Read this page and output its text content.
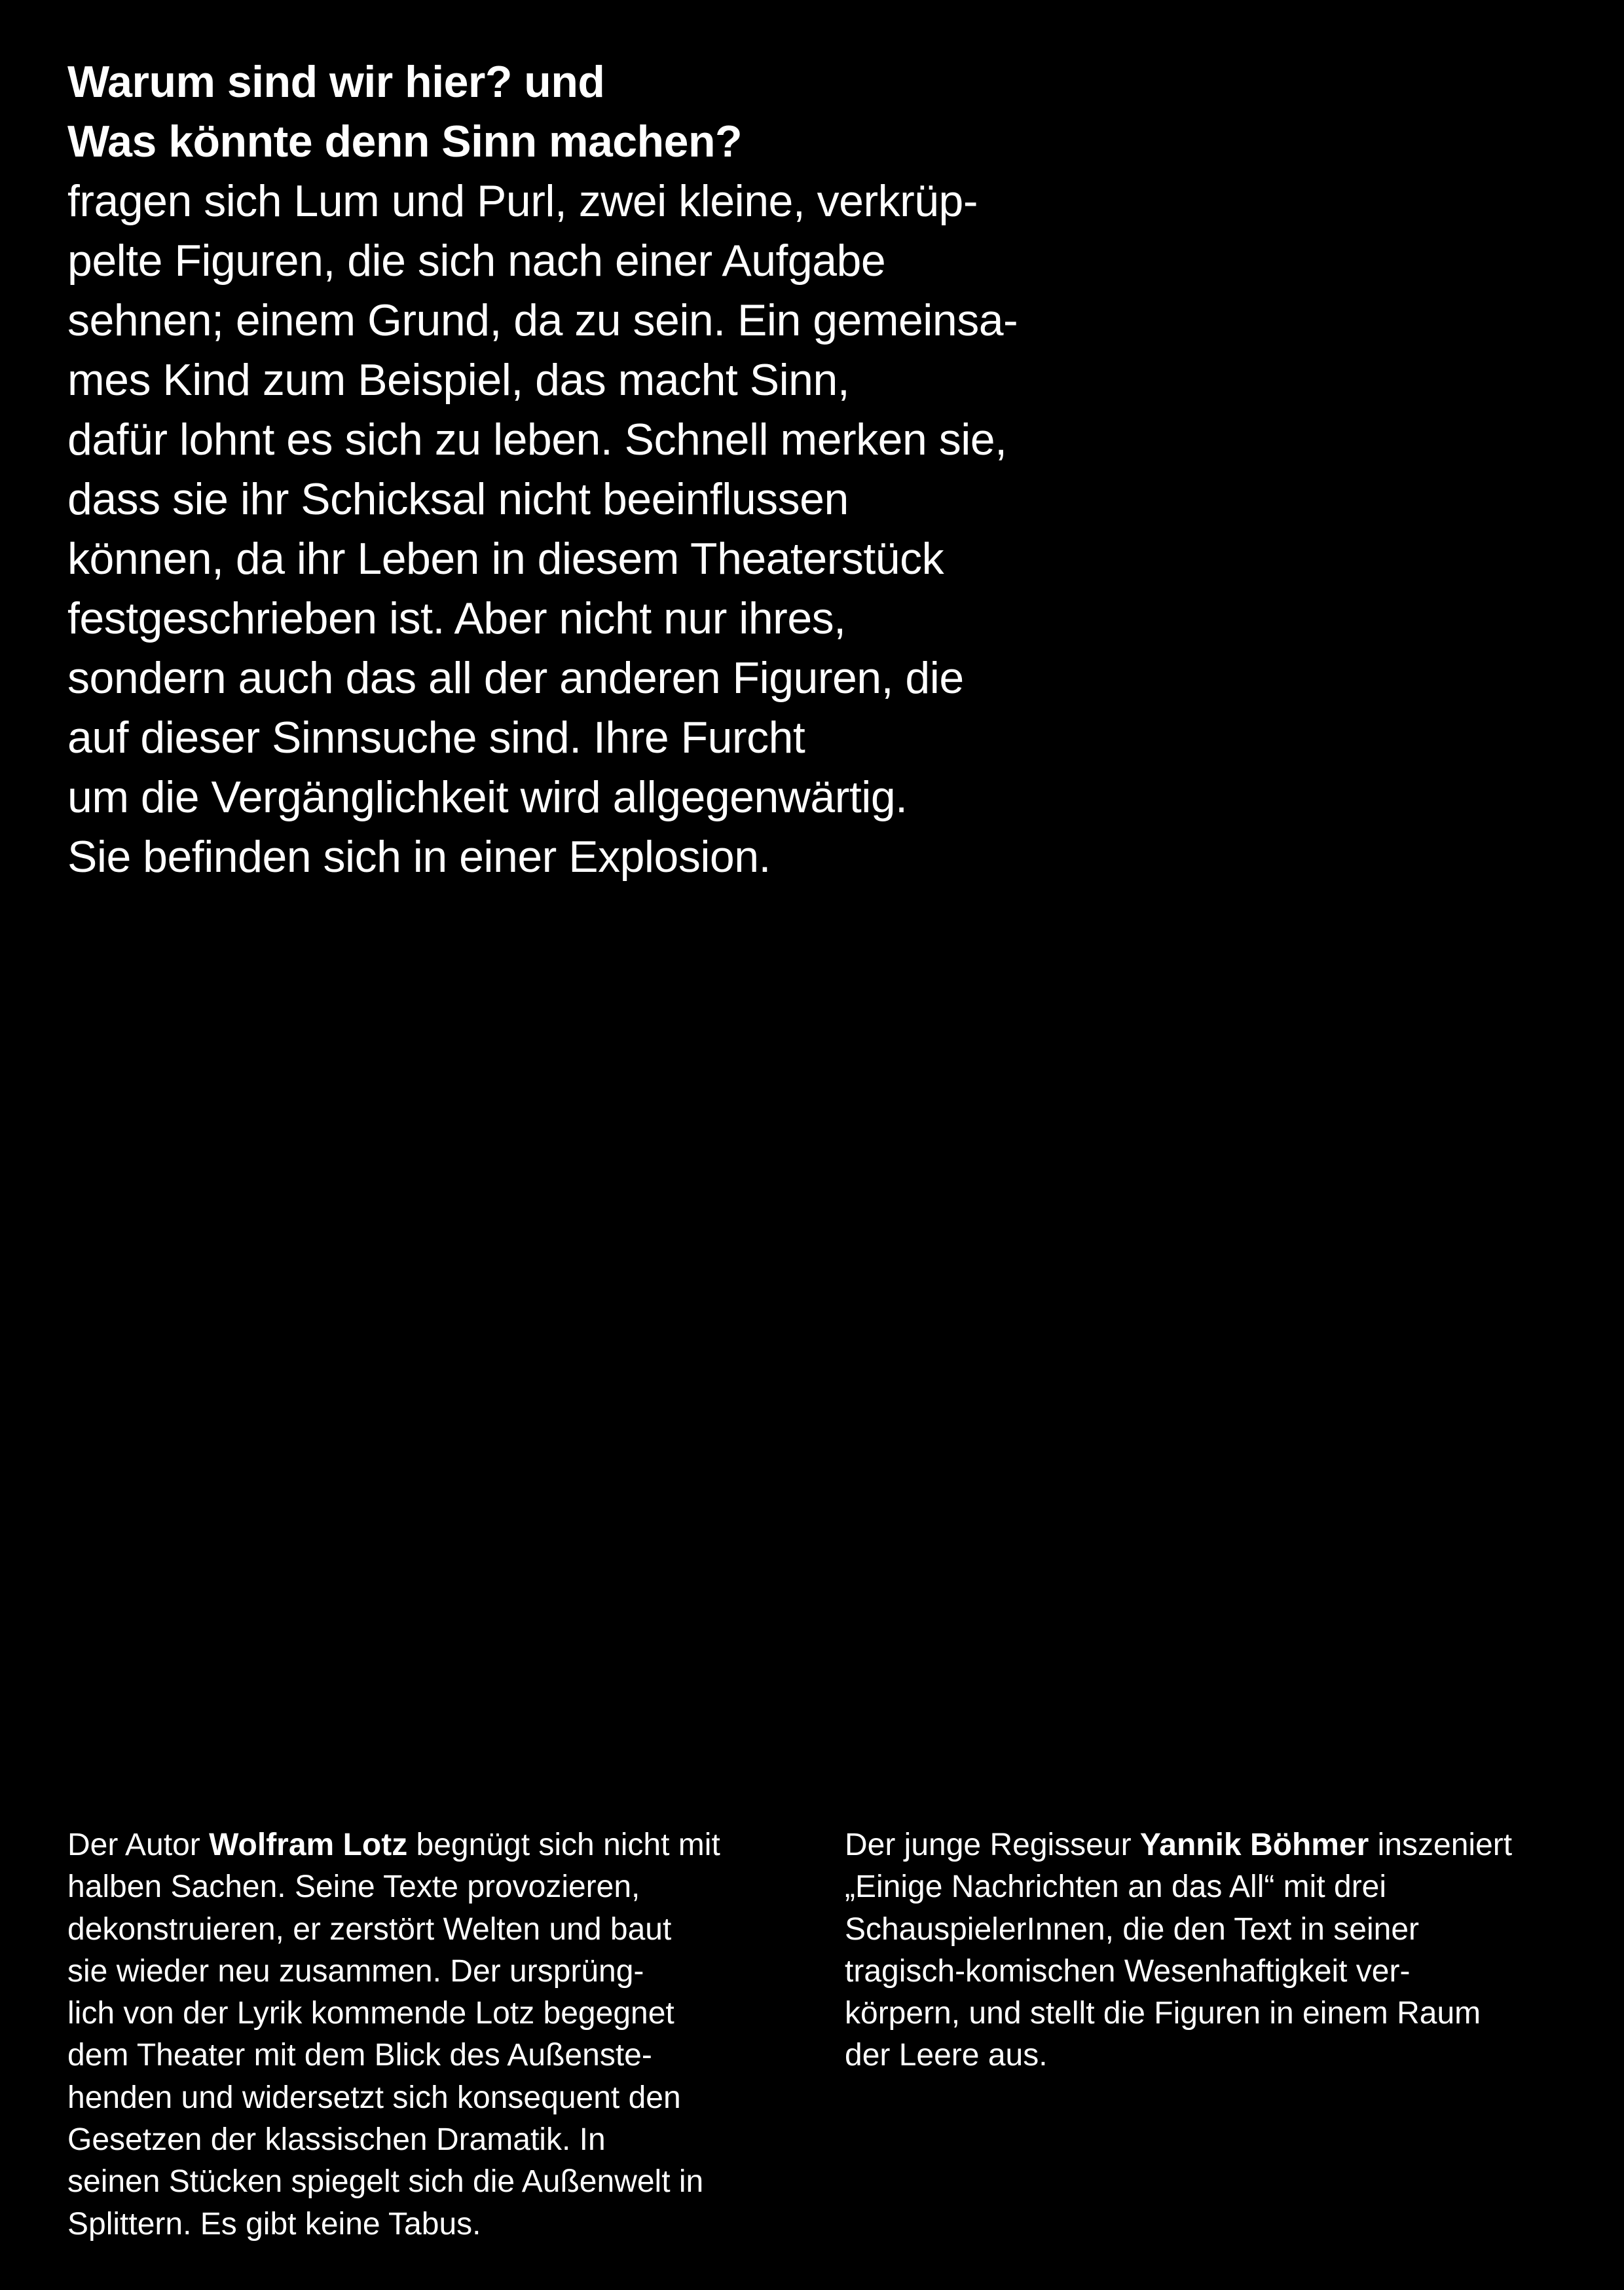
Warum sind wir hier? und
Was könnte denn Sinn machen?
fragen sich Lum und Purl, zwei kleine, verkrüp-
pelte Figuren, die sich nach einer Aufgabe
sehnen; einem Grund, da zu sein. Ein gemeinsa-
mes Kind zum Beispiel, das macht Sinn,
dafür lohnt es sich zu leben. Schnell merken sie,
dass sie ihr Schicksal nicht beeinflussen
können, da ihr Leben in diesem Theaterstück
festgeschrieben ist. Aber nicht nur ihres,
sondern auch das all der anderen Figuren, die
auf dieser Sinnsuche sind. Ihre Furcht
um die Vergänglichkeit wird allgegenwärtig.
Sie befinden sich in einer Explosion.
Der Autor Wolfram Lotz begnügt sich nicht mit
halben Sachen. Seine Texte provozieren,
dekonstruieren, er zerstört Welten und baut
sie wieder neu zusammen. Der ursprüng-
lich von der Lyrik kommende Lotz begegnet
dem Theater mit dem Blick des Außenste-
henden und widersetzt sich konsequent den
Gesetzen der klassischen Dramatik. In
seinen Stücken spiegelt sich die Außenwelt in
Splittern. Es gibt keine Tabus.
Der junge Regisseur Yannik Böhmer inszeniert
„Einige Nachrichten an das All“ mit drei
SchauspielerInnen, die den Text in seiner
tragisch-komischen Wesenhaftigkeit ver-
körpern, und stellt die Figuren in einem Raum
der Leere aus.
